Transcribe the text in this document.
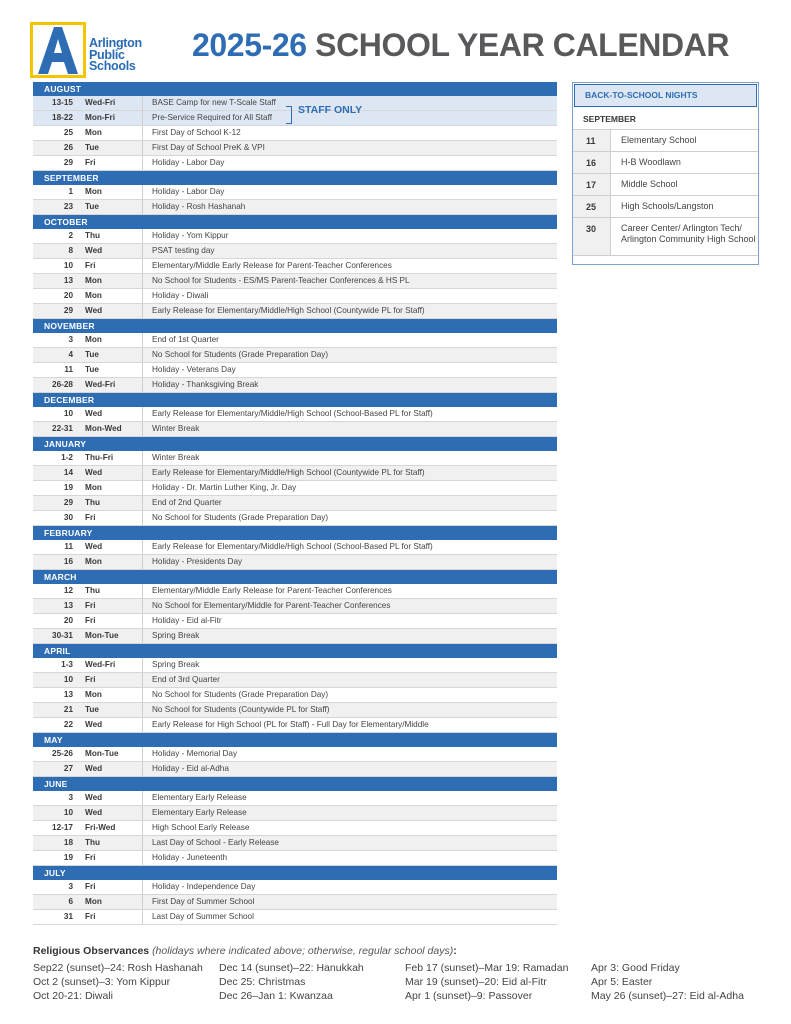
Arlington
Public
Schools
2025-26 SCHOOL YEAR CALENDAR
AUGUST
13-15 Wed-Fri	BASE Camp for new T-Scale Staff
18-22 Mon-Fri	Pre-Service Required for All Staff
25 Mon	First Day of School K-12
26 Tue	First Day of School PreK & VPI
29 Fri	Holiday - Labor Day
SEPTEMBER
1 Mon	Holiday - Labor Day
23 Tue	Holiday - Rosh Hashanah
OCTOBER
2 Thu	Holiday - Yom Kippur
8 Wed	PSAT testing day
10 Fri	Elementary/Middle Early Release for Parent-Teacher Conferences
13 Mon	No School for Students - ES/MS Parent-Teacher Conferences & HS PL
20 Mon	Holiday - Diwali
29 Wed	Early Release for Elementary/Middle/High School (Countywide PL for Staff)
NOVEMBER
3 Mon	End of 1st Quarter
4 Tue	No School for Students (Grade Preparation Day)
11 Tue	Holiday - Veterans Day
26-28 Wed-Fri	Holiday - Thanksgiving Break
DECEMBER
10 Wed	Early Release for Elementary/Middle/High School (School-Based PL for Staff)
22-31 Mon-Wed	Winter Break
JANUARY
1-2 Thu-Fri	Winter Break
14 Wed	Early Release for Elementary/Middle/High School (Countywide PL for Staff)
19 Mon	Holiday - Dr. Martin Luther King, Jr. Day
29 Thu	End of 2nd Quarter
30 Fri	No School for Students (Grade Preparation Day)
FEBRUARY
11 Wed	Early Release for Elementary/Middle/High School (School-Based PL for Staff)
16 Mon	Holiday - Presidents Day
MARCH
12 Thu	Elementary/Middle Early Release for Parent-Teacher Conferences
13 Fri	No School for Elementary/Middle for Parent-Teacher Conferences
20 Fri	Holiday - Eid al-Fitr
30-31 Mon-Tue	Spring Break
APRIL
1-3 Wed-Fri	Spring Break
10 Fri	End of 3rd Quarter
13 Mon	No School for Students (Grade Preparation Day)
21 Tue	No School for Students (Countywide PL for Staff)
22 Wed	Early Release for High School (PL for Staff) - Full Day for Elementary/Middle
MAY
25-26 Mon-Tue	Holiday - Memorial Day
27 Wed	Holiday - Eid al-Adha
JUNE
3 Wed	Elementary Early Release
10 Wed	Elementary Early Release
12-17 Fri-Wed	High School Early Release
18 Thu	Last Day of School - Early Release
19 Fri	Holiday - Juneteenth
JULY
3 Fri	Holiday - Independence Day
6 Mon	First Day of Summer School
31 Fri	Last Day of Summer School
STAFF ONLY
BACK-TO-SCHOOL NIGHTS
SEPTEMBER
11	Elementary School
16	H-B Woodlawn
17	Middle School
25	High Schools/Langston
30	Career Center/ Arlington Tech/ Arlington Community High School
Religious Observances (holidays where indicated above; otherwise, regular school days):
Sep22 (sunset)–24: Rosh Hashanah
Oct 2 (sunset)–3: Yom Kippur
Oct 20-21: Diwali
Dec 14 (sunset)–22: Hanukkah
Dec 25: Christmas
Dec 26–Jan 1: Kwanzaa
Feb 17 (sunset)–Mar 19: Ramadan
Mar 19 (sunset)–20: Eid al-Fitr
Apr 1 (sunset)–9: Passover
Apr 3: Good Friday
Apr 5: Easter
May 26 (sunset)–27: Eid al-Adha
